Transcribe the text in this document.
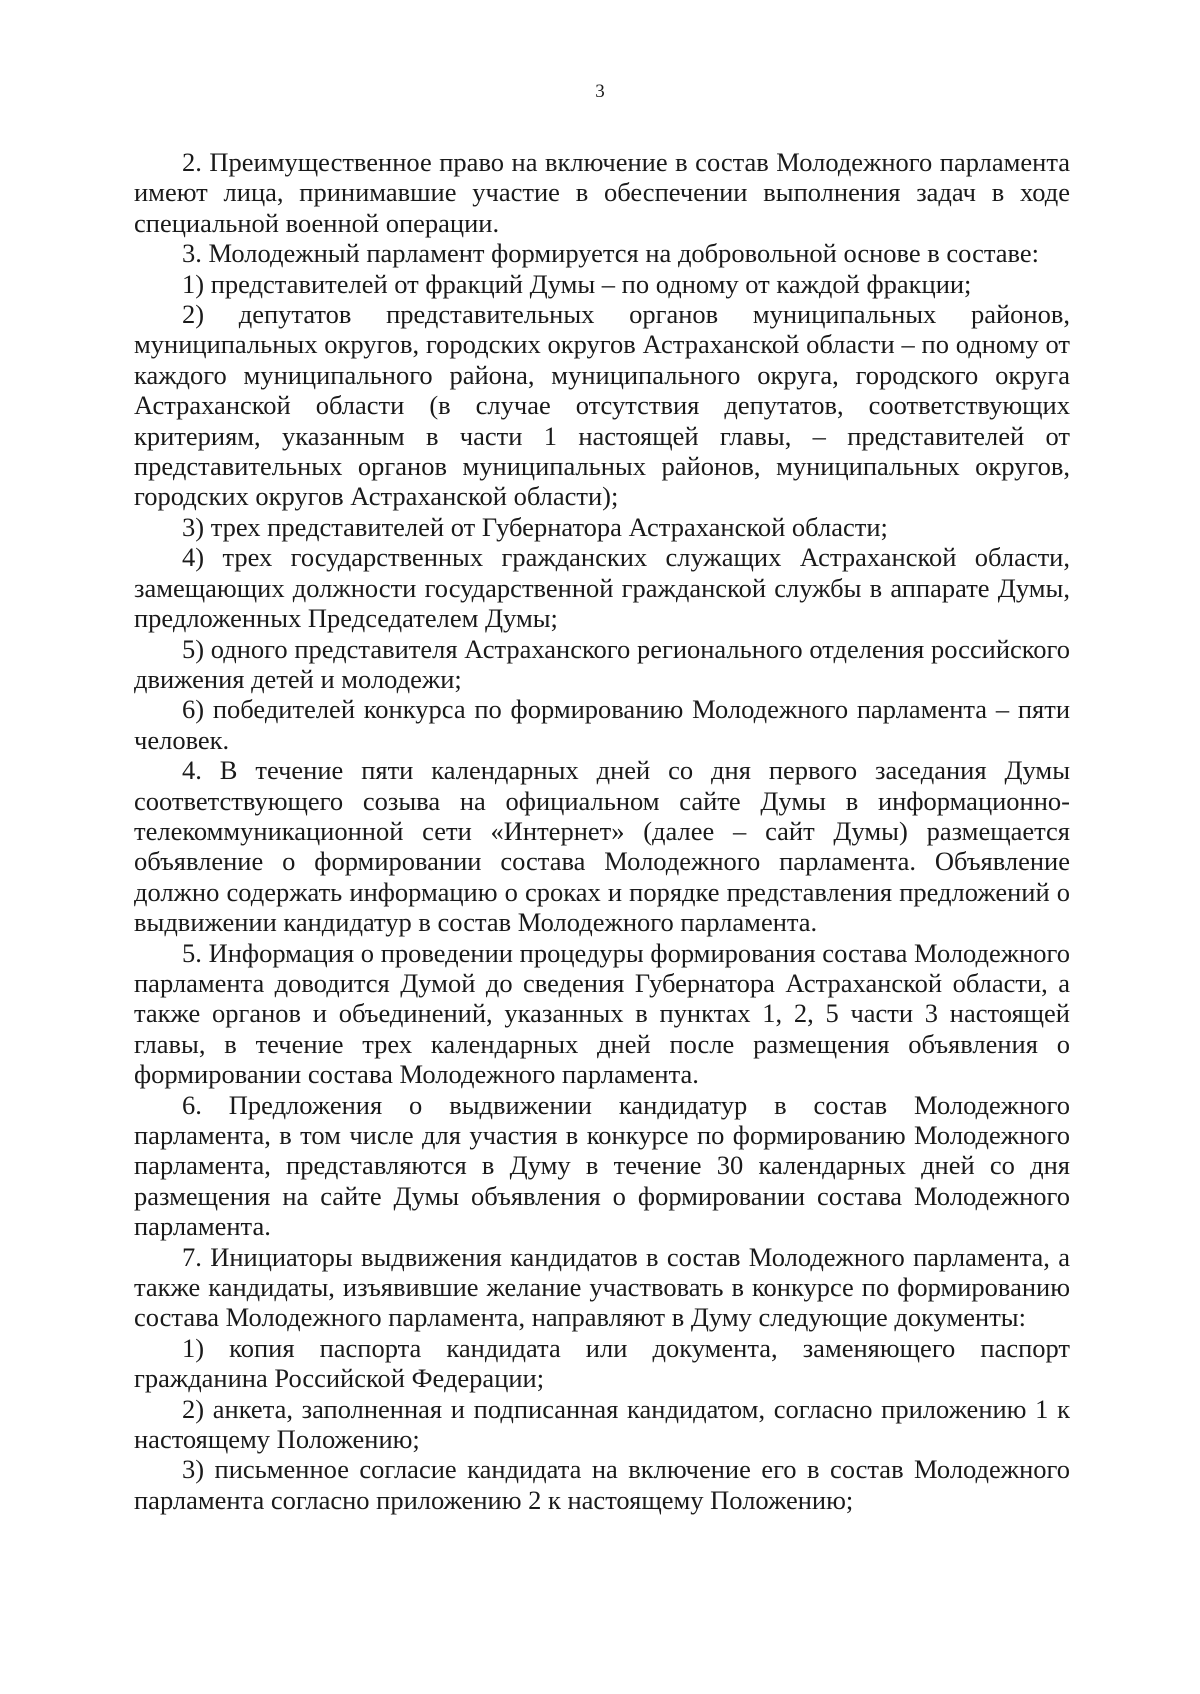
3

2. Преимущественное право на включение в состав Молодежного парламента имеют лица, принимавшие участие в обеспечении выполнения задач в ходе специальной военной операции.

3. Молодежный парламент формируется на добровольной основе в составе:

1) представителей от фракций Думы – по одному от каждой фракции;

2) депутатов представительных органов муниципальных районов, муниципальных округов, городских округов Астраханской области – по одному от каждого муниципального района, муниципального округа, городского округа Астраханской области (в случае отсутствия депутатов, соответствующих критериям, указанным в части 1 настоящей главы, – представителей от представительных органов муниципальных районов, муниципальных округов, городских округов Астраханской области);

3) трех представителей от Губернатора Астраханской области;

4) трех государственных гражданских служащих Астраханской области, замещающих должности государственной гражданской службы в аппарате Думы, предложенных Председателем Думы;

5) одного представителя Астраханского регионального отделения российского движения детей и молодежи;

6) победителей конкурса по формированию Молодежного парламента – пяти человек.

4. В течение пяти календарных дней со дня первого заседания Думы соответствующего созыва на официальном сайте Думы в информационно-телекоммуникационной сети «Интернет» (далее – сайт Думы) размещается объявление о формировании состава Молодежного парламента. Объявление должно содержать информацию о сроках и порядке представления предложений о выдвижении кандидатур в состав Молодежного парламента.

5. Информация о проведении процедуры формирования состава Молодежного парламента доводится Думой до сведения Губернатора Астраханской области, а также органов и объединений, указанных в пунктах 1, 2, 5 части 3 настоящей главы, в течение трех календарных дней после размещения объявления о формировании состава Молодежного парламента.

6. Предложения о выдвижении кандидатур в состав Молодежного парламента, в том числе для участия в конкурсе по формированию Молодежного парламента, представляются в Думу в течение 30 календарных дней со дня размещения на сайте Думы объявления о формировании состава Молодежного парламента.

7. Инициаторы выдвижения кандидатов в состав Молодежного парламента, а также кандидаты, изъявившие желание участвовать в конкурсе по формированию состава Молодежного парламента, направляют в Думу следующие документы:

1) копия паспорта кандидата или документа, заменяющего паспорт гражданина Российской Федерации;

2) анкета, заполненная и подписанная кандидатом, согласно приложению 1 к настоящему Положению;

3) письменное согласие кандидата на включение его в состав Молодежного парламента согласно приложению 2 к настоящему Положению;
